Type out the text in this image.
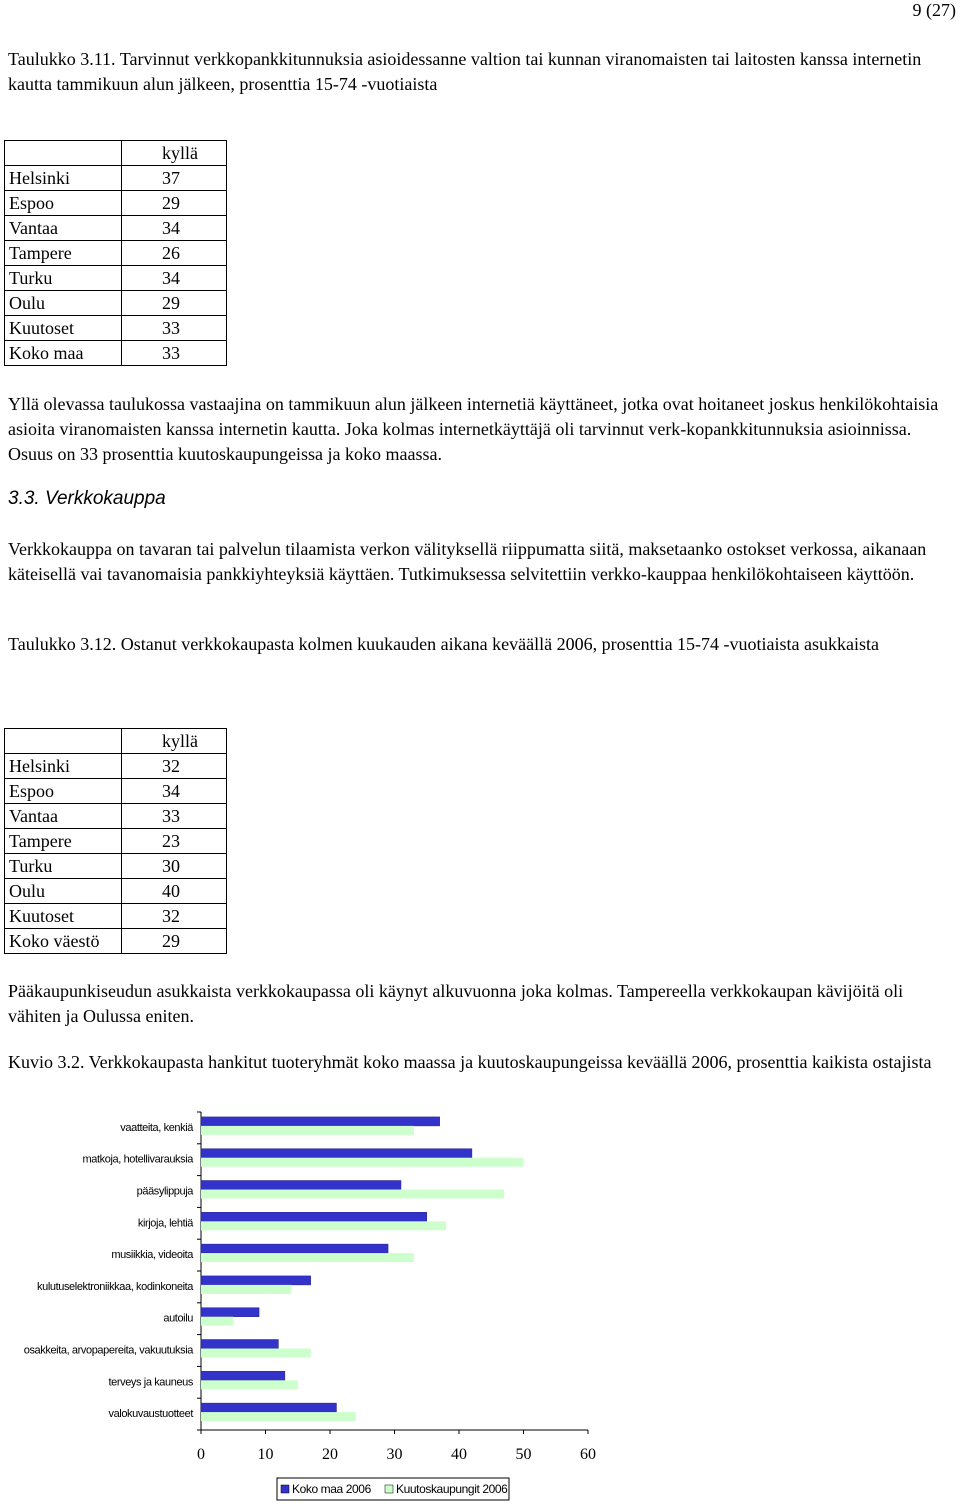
9 (27)

Taulukko 3.11. Tarvinnut verkkopankkitunnuksia asioidessanne valtion tai kunnan viranomaisten tai laitosten kanssa internetin kautta tammikuun alun jälkeen, prosenttia 15-74 -vuotiaista

	kyllä
Helsinki	37
Espoo	29
Vantaa	34
Tampere	26
Turku	34
Oulu	29
Kuutoset	33
Koko maa	33

Yllä olevassa taulukossa vastaajina on tammikuun alun jälkeen internetiä käyttäneet, jotka ovat hoitaneet joskus henkilökohtaisia asioita viranomaisten kanssa internetin kautta. Joka kolmas internetkäyttäjä oli tarvinnut verk-kopankkitunnuksia asioinnissa. Osuus on 33 prosenttia kuutoskaupungeissa ja koko maassa.

3.3. Verkkokauppa

Verkkokauppa on tavaran tai palvelun tilaamista verkon välityksellä riippumatta siitä, maksetaanko ostokset verkossa, aikanaan käteisellä vai tavanomaisia pankkiyhteyksiä käyttäen. Tutkimuksessa selvitettiin verkko-kauppaa henkilökohtaiseen käyttöön.

Taulukko 3.12. Ostanut verkkokaupasta kolmen kuukauden aikana keväällä 2006, prosenttia 15-74 -vuotiaista asukkaista

	kyllä
Helsinki	32
Espoo	34
Vantaa	33
Tampere	23
Turku	30
Oulu	40
Kuutoset	32
Koko väestö	29

Pääkaupunkiseudun asukkaista verkkokaupassa oli käynyt alkuvuonna joka kolmas. Tampereella verkkokaupan kävijöitä oli vähiten ja Oulussa eniten.

Kuvio 3.2. Verkkokaupasta hankitut tuoteryhmät koko maassa ja kuutoskaupungeissa keväällä 2006, prosenttia kaikista ostajista

vaatteita, kenkiä
matkoja, hotellivarauksia
pääsylippuja
kirjoja, lehtiä
musiikkia, videoita
kulutuselektroniikkaa, kodinkoneita
autoilu
osakkeita, arvopapereita, vakuutuksia
terveys ja kauneus
valokuvaustuotteet
0	10	20	30	40	50	60
Koko maa 2006 Kuutoskaupungit 2006
